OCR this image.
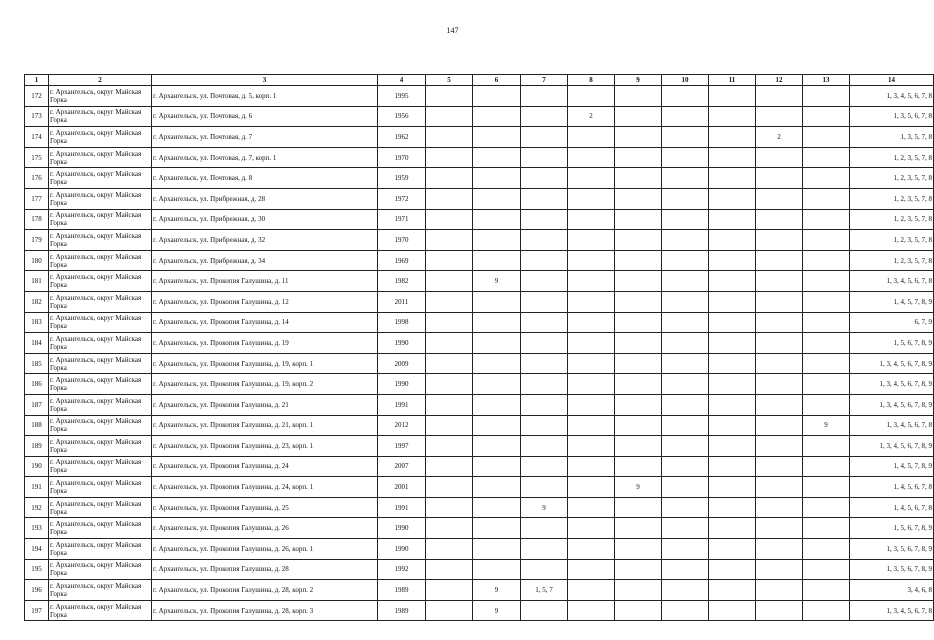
147
1	2	3	4	5	6	7	8	9	10	11	12	13	14
172	г. Архангельск, округ Майская Горка	г. Архангельск, ул. Почтовая, д. 5, корп. 1	1995										1, 3, 4, 5, 6, 7, 8
173	г. Архангельск, округ Майская Горка	г. Архангельск, ул. Почтовая, д. 6	1956				2						1, 3, 5, 6, 7, 8
174	г. Архангельск, округ Майская Горка	г. Архангельск, ул. Почтовая, д. 7	1962								2		1, 3, 5, 7, 8
175	г. Архангельск, округ Майская Горка	г. Архангельск, ул. Почтовая, д. 7, корп. 1	1970										1, 2, 3, 5, 7, 8
176	г. Архангельск, округ Майская Горка	г. Архангельск, ул. Почтовая, д. 8	1959										1, 2, 3, 5, 7, 8
177	г. Архангельск, округ Майская Горка	г. Архангельск, ул. Прибрежная, д. 28	1972										1, 2, 3, 5, 7, 8
178	г. Архангельск, округ Майская Горка	г. Архангельск, ул. Прибрежная, д. 30	1971										1, 2, 3, 5, 7, 8
179	г. Архангельск, округ Майская Горка	г. Архангельск, ул. Прибрежная, д. 32	1970										1, 2, 3, 5, 7, 8
180	г. Архангельск, округ Майская Горка	г. Архангельск, ул. Прибрежная, д. 34	1969										1, 2, 3, 5, 7, 8
181	г. Архангельск, округ Майская Горка	г. Архангельск, ул. Прокопия Галушина, д. 11	1982		9								1, 3, 4, 5, 6, 7, 8
182	г. Архангельск, округ Майская Горка	г. Архангельск, ул. Прокопия Галушина, д. 12	2011										1, 4, 5, 7, 8, 9
183	г. Архангельск, округ Майская Горка	г. Архангельск, ул. Прокопия Галушина, д. 14	1998										6, 7, 9
184	г. Архангельск, округ Майская Горка	г. Архангельск, ул. Прокопия Галушина, д. 19	1990										1, 5, 6, 7, 8, 9
185	г. Архангельск, округ Майская Горка	г. Архангельск, ул. Прокопия Галушина, д. 19, корп. 1	2009										1, 3, 4, 5, 6, 7, 8, 9
186	г. Архангельск, округ Майская Горка	г. Архангельск, ул. Прокопия Галушина, д. 19, корп. 2	1990										1, 3, 4, 5, 6, 7, 8, 9
187	г. Архангельск, округ Майская Горка	г. Архангельск, ул. Прокопия Галушина, д. 21	1991										1, 3, 4, 5, 6, 7, 8, 9
188	г. Архангельск, округ Майская Горка	г. Архангельск, ул. Прокопия Галушина, д. 21, корп. 1	2012									9	1, 3, 4, 5, 6, 7, 8
189	г. Архангельск, округ Майская Горка	г. Архангельск, ул. Прокопия Галушина, д. 23, корп. 1	1997										1, 3, 4, 5, 6, 7, 8, 9
190	г. Архангельск, округ Майская Горка	г. Архангельск, ул. Прокопия Галушина, д. 24	2007										1, 4, 5, 7, 8, 9
191	г. Архангельск, округ Майская Горка	г. Архангельск, ул. Прокопия Галушина, д. 24, корп. 1	2001					9					1, 4, 5, 6, 7, 8
192	г. Архангельск, округ Майская Горка	г. Архангельск, ул. Прокопия Галушина, д. 25	1991			9							1, 4, 5, 6, 7, 8
193	г. Архангельск, округ Майская Горка	г. Архангельск, ул. Прокопия Галушина, д. 26	1990										1, 5, 6, 7, 8, 9
194	г. Архангельск, округ Майская Горка	г. Архангельск, ул. Прокопия Галушина, д. 26, корп. 1	1990										1, 3, 5, 6, 7, 8, 9
195	г. Архангельск, округ Майская Горка	г. Архангельск, ул. Прокопия Галушина, д. 28	1992										1, 3, 5, 6, 7, 8, 9
196	г. Архангельск, округ Майская Горка	г. Архангельск, ул. Прокопия Галушина, д. 28, корп. 2	1989		9	1, 5, 7							3, 4, 6, 8
197	г. Архангельск, округ Майская Горка	г. Архангельск, ул. Прокопия Галушина, д. 28, корп. 3	1989		9								1, 3, 4, 5, 6, 7, 8
